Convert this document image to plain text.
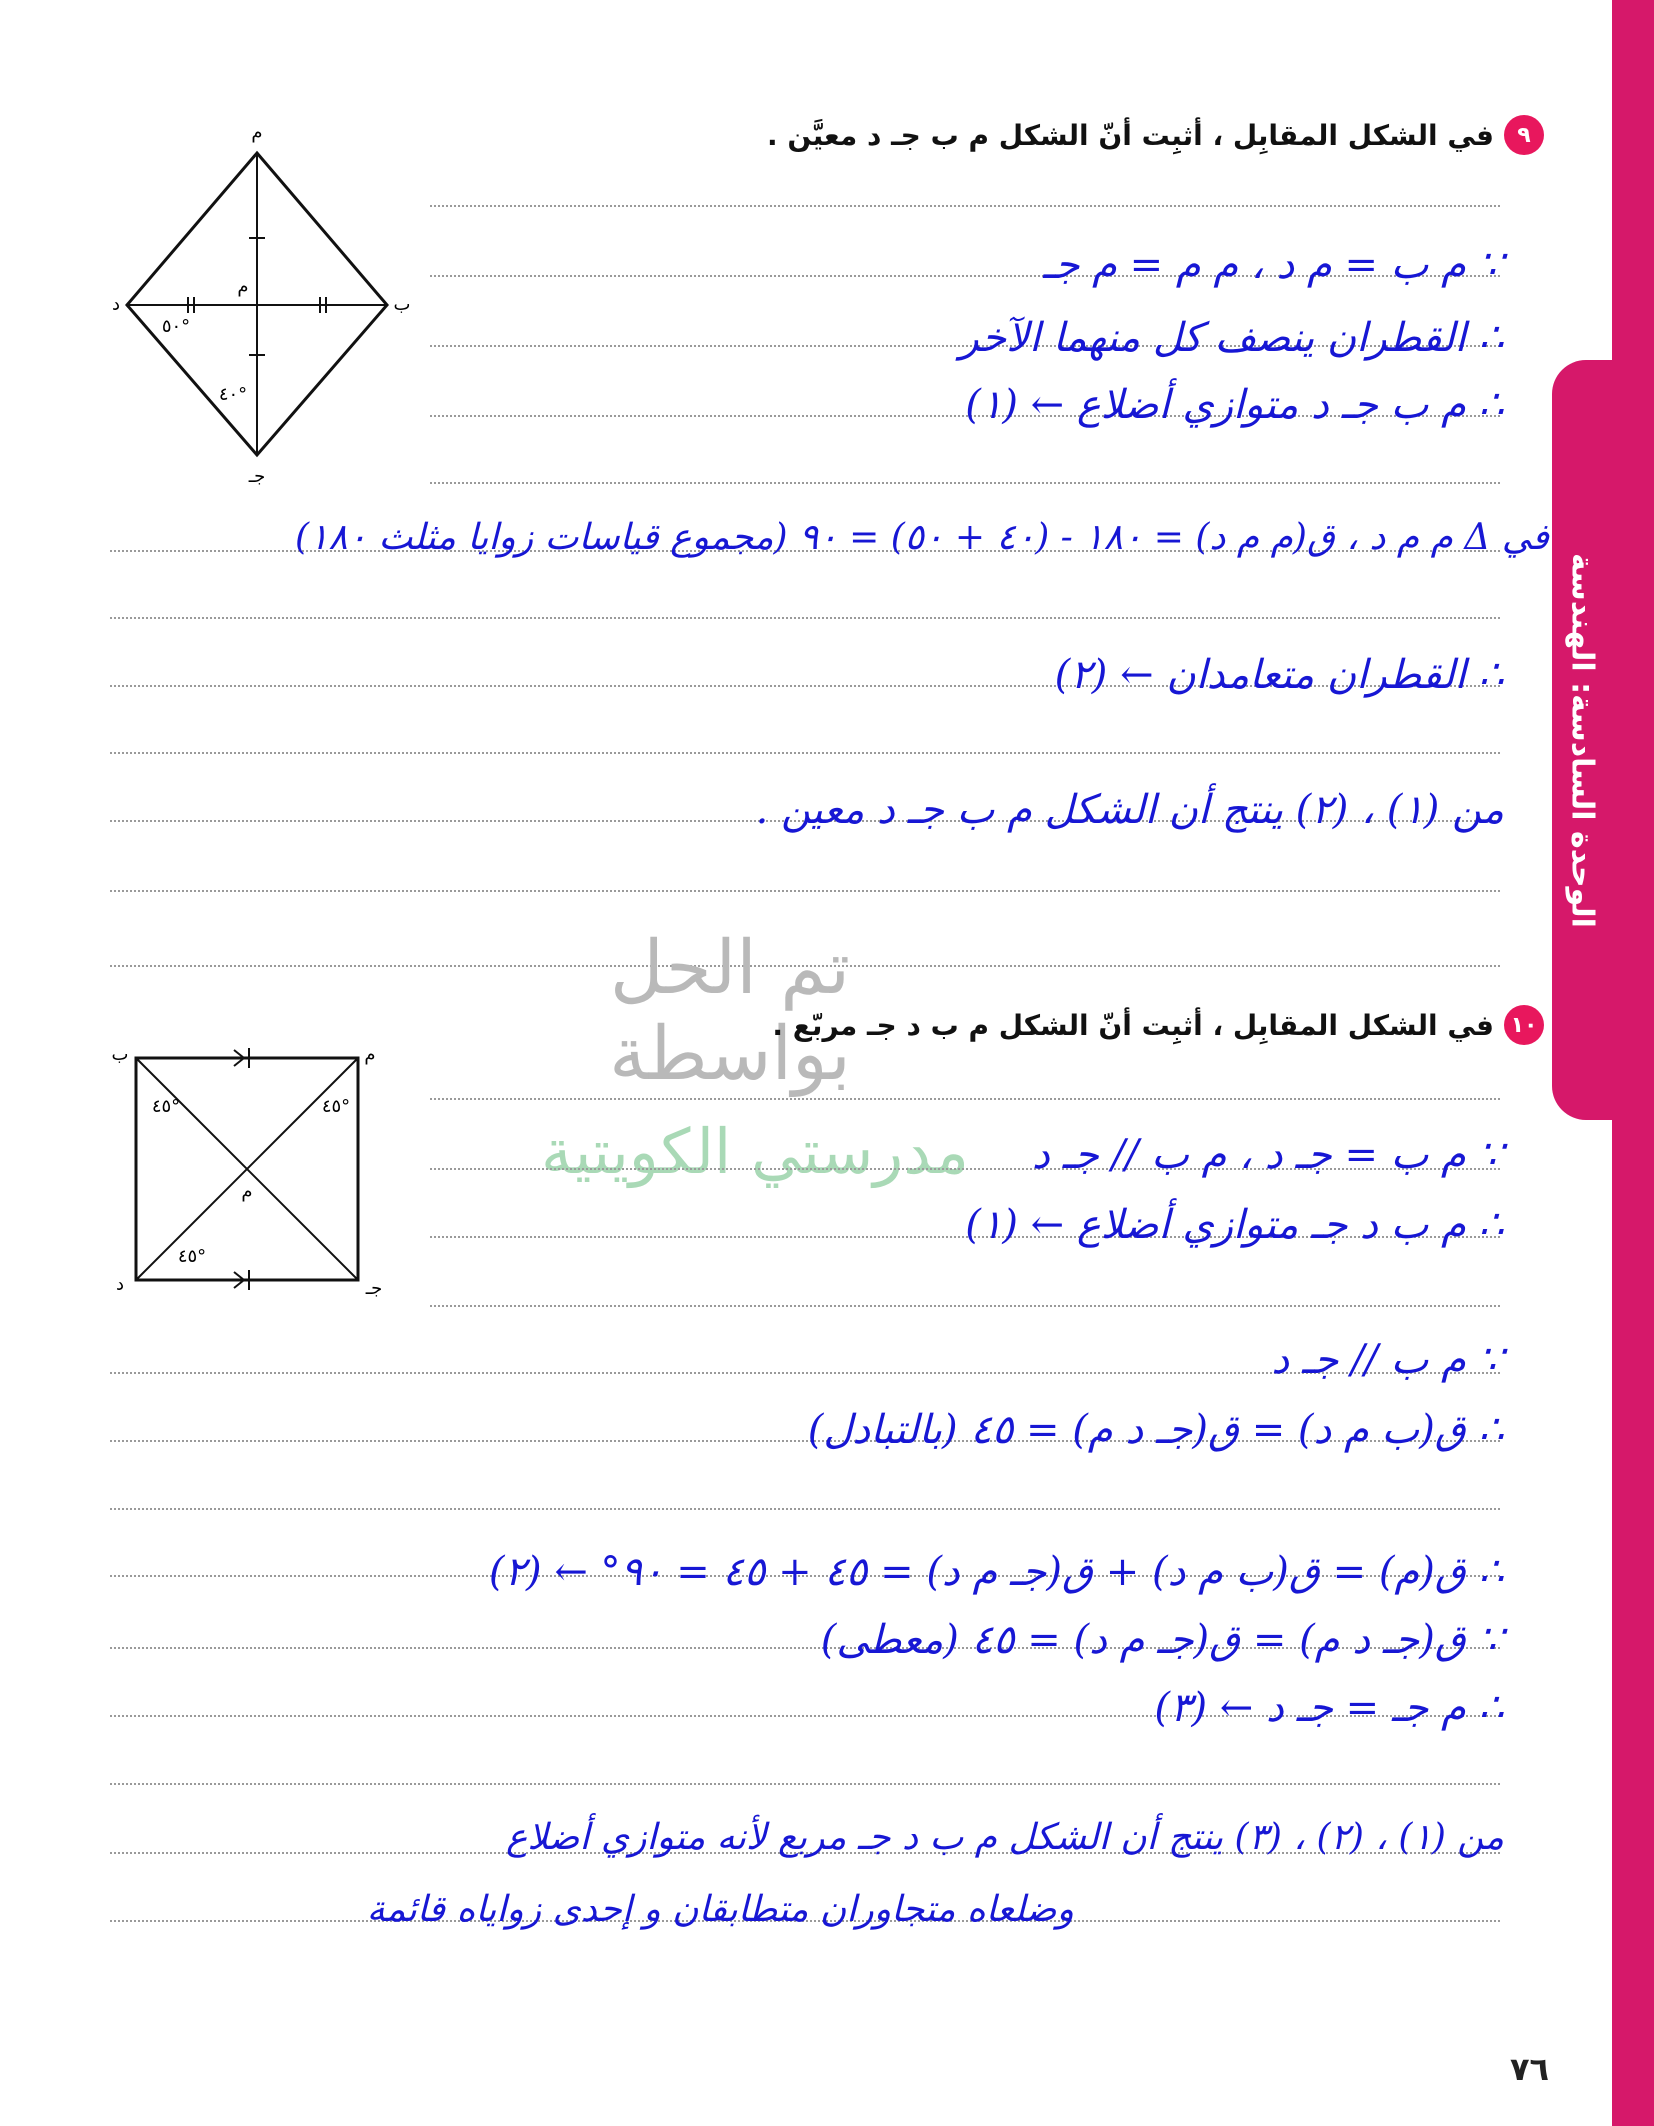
الوحدة السادسة: الهندسة
٩
في الشكل المقابِل ، أثبِت أنّ الشكل ﻡ ب جـ د معيَّن .
ﻡ
ب
جـ
د
م
٥٠°
٤٠°
∵ م ب = م د ، م ﻡ = م جـ
∴ القطران ينصف كل منهما الآخر
∴ ﻡ ب جـ د متوازي أضلاع ← (١)
في Δ ﻡ م د ، ق(ﻡ م د) = ١٨٠ - (٤٠ + ٥٠) = ٩٠ (مجموع قياسات زوايا مثلث ١٨٠)
∴ القطران متعامدان ← (٢)
من (١) ، (٢) ينتج أن الشكل ﻡ ب جـ د معين .
تم الحل بواسطة
مدرستي الكويتية
١٠
في الشكل المقابِل ، أثبِت أنّ الشكل ﻡ ب د جـ مربّع .
ﻡ
ب
د	جـ
م
٤٥°	٤٥°
٤٥°
∵ ﻡ ب = جـ د ، ﻡ ب // جـ د
∴ ﻡ ب د جـ متوازي أضلاع ← (١)
∵ ﻡ ب // جـ د
∴ ق(ب ﻡ د) = ق(جـ د ﻡ) = ٤٥ (بالتبادل)
∴ ق(ﻡ) = ق(ب ﻡ د) + ق(جـ ﻡ د) = ٤٥ + ٤٥ = ٩٠° ← (٢)
∵ ق(جـ د ﻡ) = ق(جـ ﻡ د) = ٤٥ (معطى)
∴ ﻡ جـ = جـ د ← (٣)
من (١) ، (٢) ، (٣) ينتج أن الشكل ﻡ ب د جـ مربع لأنه متوازي أضلاع
وضلعاه متجاوران متطابقان و إحدى زواياه قائمة
٧٦
